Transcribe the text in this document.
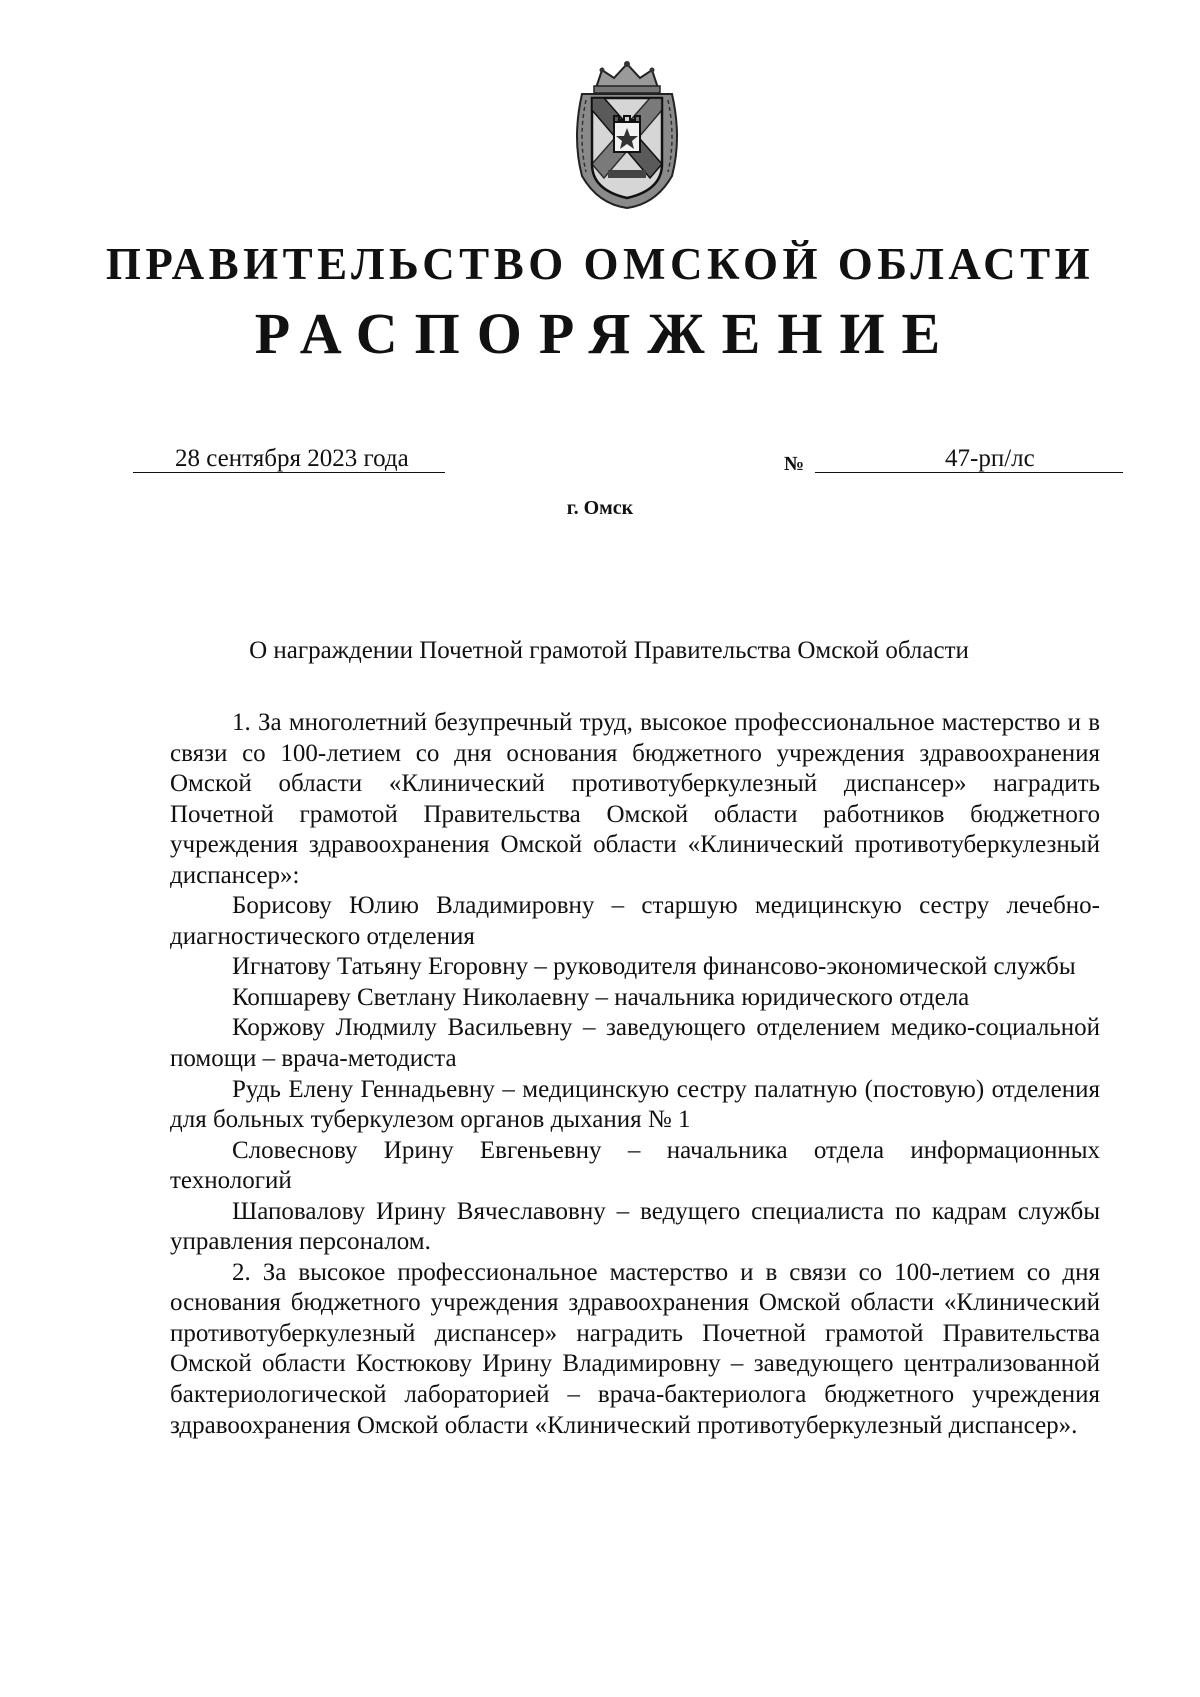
ПРАВИТЕЛЬСТВО ОМСКОЙ ОБЛАСТИ
РАСПОРЯЖЕНИЕ
28 сентября 2023 года	№	47-рп/лс
г. Омск
О награждении Почетной грамотой Правительства Омской области

1. За многолетний безупречный труд, высокое профессиональное мастерство и в связи со 100-летием со дня основания бюджетного учреждения здравоохранения Омской области «Клинический противотуберкулезный диспансер» наградить Почетной грамотой Правительства Омской области работников бюджетного учреждения здравоохранения Омской области «Клинический противотуберкулезный диспансер»:

Борисову Юлию Владимировну – старшую медицинскую сестру лечебно-диагностического отделения

Игнатову Татьяну Егоровну – руководителя финансово-экономической службы

Копшареву Светлану Николаевну – начальника юридического отдела

Коржову Людмилу Васильевну – заведующего отделением медико-социальной помощи – врача-методиста

Рудь Елену Геннадьевну – медицинскую сестру палатную (постовую) отделения для больных туберкулезом органов дыхания № 1

Словеснову Ирину Евгеньевну – начальника отдела информационных технологий

Шаповалову Ирину Вячеславовну – ведущего специалиста по кадрам службы управления персоналом.

2. За высокое профессиональное мастерство и в связи со 100-летием со дня основания бюджетного учреждения здравоохранения Омской области «Клинический противотуберкулезный диспансер» наградить Почетной грамотой Правительства Омской области Костюкову Ирину Владимировну – заведующего централизованной бактериологической лабораторией – врача-бактериолога бюджетного учреждения здравоохранения Омской области «Клинический противотуберкулезный диспансер».
